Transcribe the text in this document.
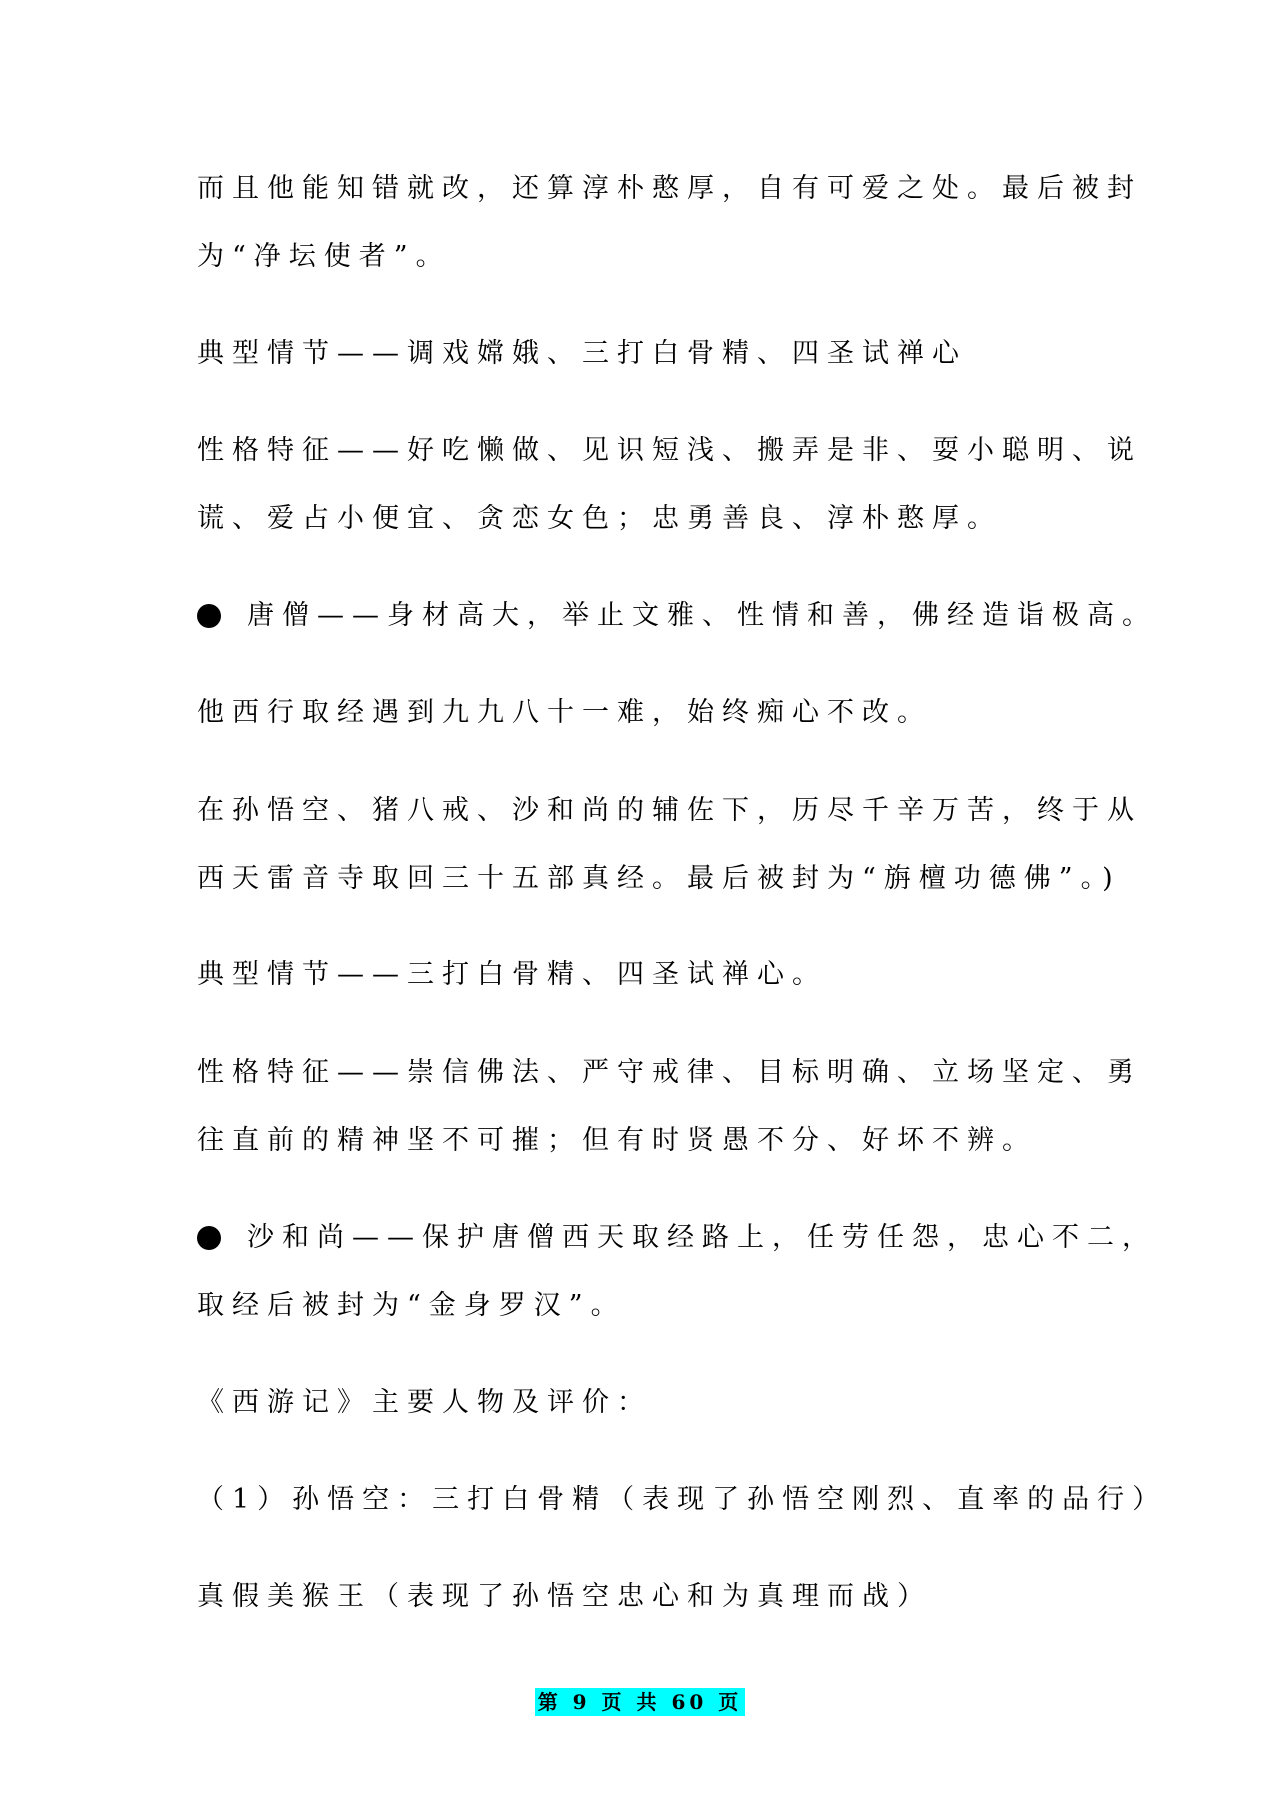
而且他能知错就改，还算淳朴憨厚，自有可爱之处。最后被封
为“净坛使者”。
典型情节——调戏嫦娥、三打白骨精、四圣试禅心
性格特征——好吃懒做、见识短浅、搬弄是非、耍小聪明、说
谎、爱占小便宜、贪恋女色；忠勇善良、淳朴憨厚。
唐僧——身材高大，举止文雅、性情和善，佛经造诣极高。
他西行取经遇到九九八十一难，始终痴心不改。
在孙悟空、猪八戒、沙和尚的辅佐下，历尽千辛万苦，终于从
西天雷音寺取回三十五部真经。最后被封为“旃檀功德佛”。)
典型情节——三打白骨精、四圣试禅心。
性格特征——崇信佛法、严守戒律、目标明确、立场坚定、勇
往直前的精神坚不可摧；但有时贤愚不分、好坏不辨。
沙和尚——保护唐僧西天取经路上，任劳任怨，忠心不二，
取经后被封为“金身罗汉”。
《西游记》主要人物及评价：
（1）孙悟空：三打白骨精（表现了孙悟空刚烈、直率的品行）
真假美猴王（表现了孙悟空忠心和为真理而战）
第 9 页 共 60 页
